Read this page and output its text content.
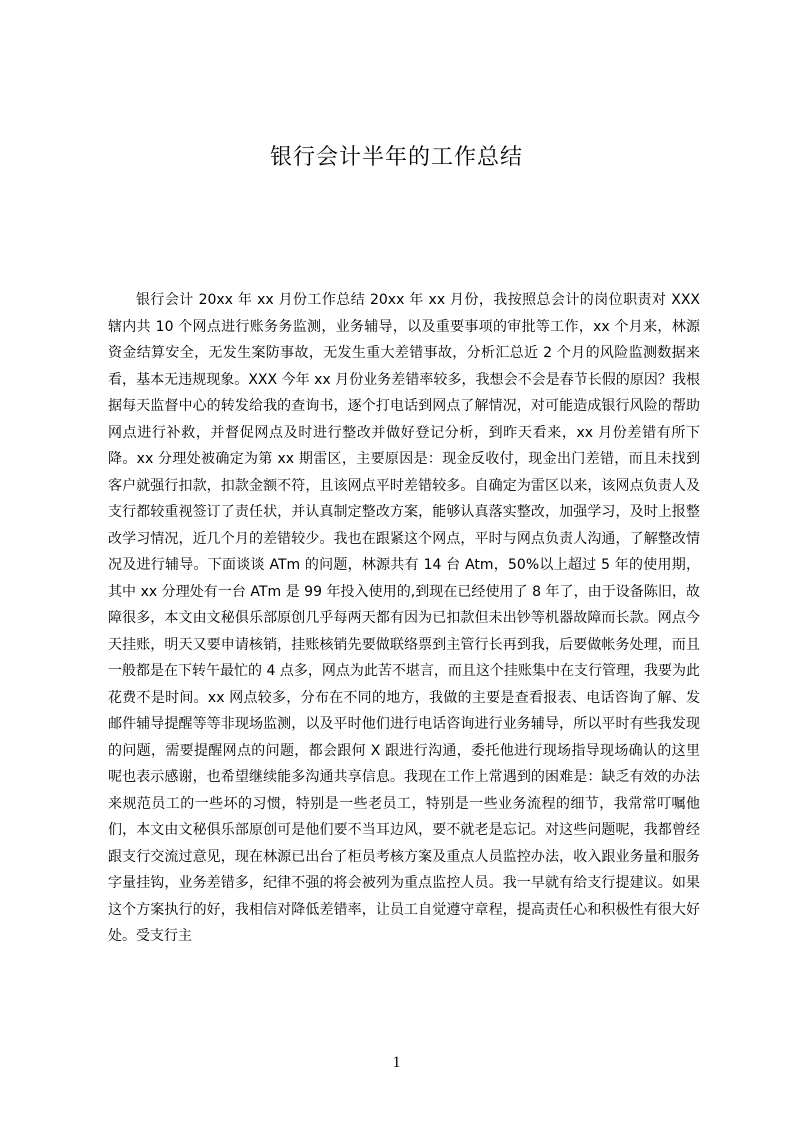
银行会计半年的工作总结

银行会计 20xx 年 xx 月份工作总结 20xx 年 xx 月份，我按照总会计的岗位职责对 XXX 辖内共 10 个网点进行账务务监测，业务辅导，以及重要事项的审批等工作，xx 个月来，林源资金结算安全，无发生案防事故，无发生重大差错事故，分析汇总近 2 个月的风险监测数据来看，基本无违规现象。XXX 今年 xx 月份业务差错率较多，我想会不会是春节长假的原因？我根据每天监督中心的转发给我的查询书，逐个打电话到网点了解情况，对可能造成银行风险的帮助网点进行补救，并督促网点及时进行整改并做好登记分析，到昨天看来，xx 月份差错有所下降。xx 分理处被确定为第 xx 期雷区，主要原因是：现金反收付，现金出门差错，而且未找到客户就强行扣款，扣款金额不符，且该网点平时差错较多。自确定为雷区以来，该网点负责人及支行都较重视签订了责任状，并认真制定整改方案，能够认真落实整改，加强学习，及时上报整改学习情况，近几个月的差错较少。我也在跟紧这个网点，平时与网点负责人沟通，了解整改情况及进行辅导。下面谈谈 ATm 的问题，林源共有 14 台 Atm，50%以上超过 5 年的使用期，其中 xx 分理处有一台 ATm 是 99 年投入使用的,到现在已经使用了 8 年了，由于设备陈旧，故障很多，本文由文秘俱乐部原创几乎每两天都有因为已扣款但未出钞等机器故障而长款。网点今天挂账，明天又要申请核销，挂账核销先要做联络票到主管行长再到我，后要做帐务处理，而且一般都是在下转午最忙的 4 点多，网点为此苦不堪言，而且这个挂账集中在支行管理，我要为此花费不是时间。xx 网点较多，分布在不同的地方，我做的主要是查看报表、电话咨询了解、发邮件辅导提醒等等非现场监测，以及平时他们进行电话咨询进行业务辅导，所以平时有些我发现的问题，需要提醒网点的问题，都会跟何 X 跟进行沟通，委托他进行现场指导现场确认的这里呢也表示感谢，也希望继续能多沟通共享信息。我现在工作上常遇到的困难是：缺乏有效的办法来规范员工的一些坏的习惯，特别是一些老员工，特别是一些业务流程的细节，我常常叮嘱他们，本文由文秘俱乐部原创可是他们要不当耳边风，要不就老是忘记。对这些问题呢，我都曾经跟支行交流过意见，现在林源已出台了柜员考核方案及重点人员监控办法，收入跟业务量和服务字量挂钩，业务差错多，纪律不强的将会被列为重点监控人员。我一早就有给支行提建议。如果这个方案执行的好，我相信对降低差错率，让员工自觉遵守章程，提高责任心和积极性有很大好处。受支行主

1
